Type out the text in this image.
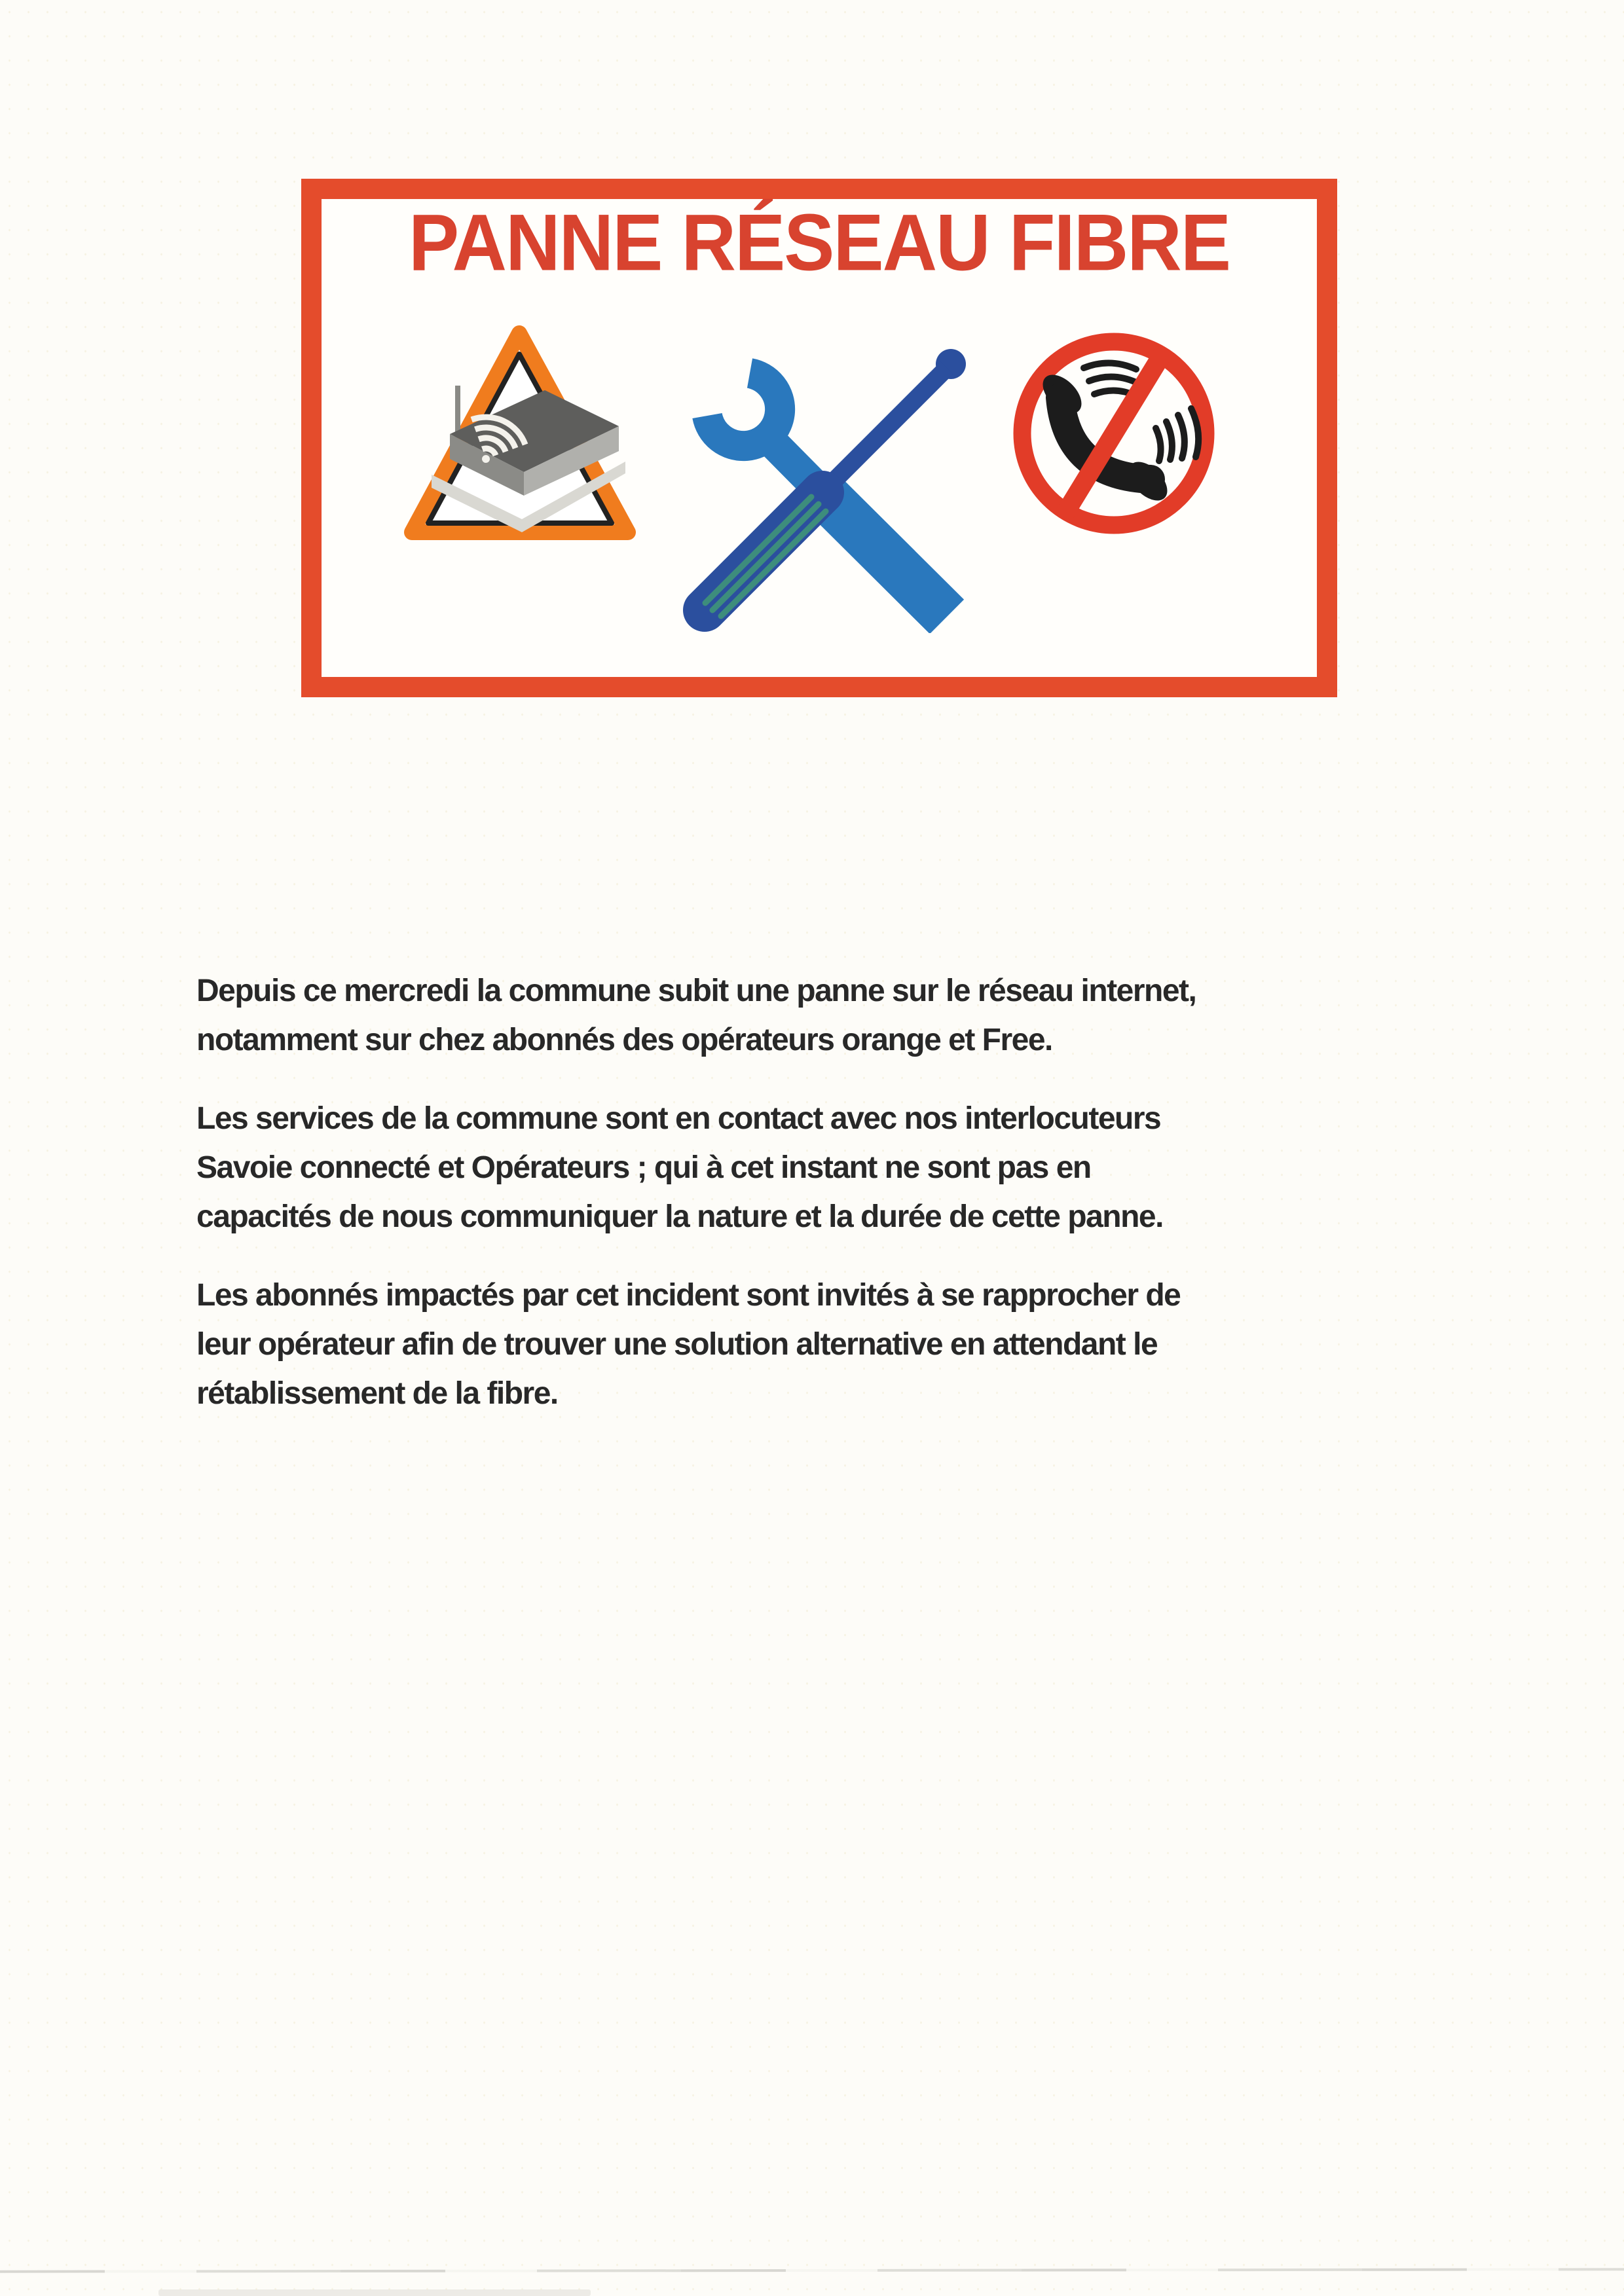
PANNE RÉSEAU FIBRE
Depuis ce mercredi la commune subit une panne sur le réseau internet,
notamment sur chez abonnés des opérateurs orange et Free.
Les services de la commune sont en contact avec nos interlocuteurs
Savoie connecté et Opérateurs ; qui à cet instant ne sont pas en
capacités de nous communiquer la nature et la durée de cette panne.
Les abonnés impactés par cet incident sont invités à se rapprocher de
leur opérateur afin de trouver une solution alternative en attendant le
rétablissement de la fibre.
